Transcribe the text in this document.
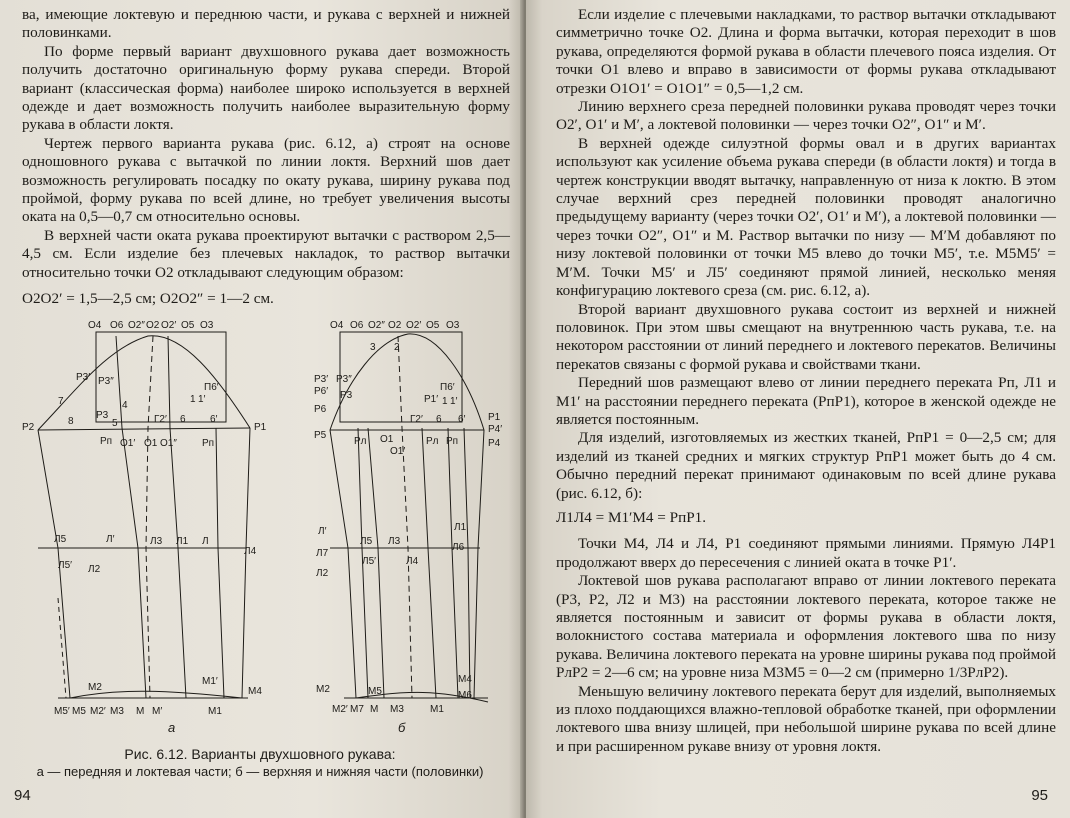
ва, имеющие локтевую и переднюю части, и рукава с верхней и нижней половинками.

По форме первый вариант двухшовного рукава дает возможность получить достаточно оригинальную форму рукава спереди. Второй вариант (классическая форма) наиболее широко используется в верхней одежде и дает возможность получить наиболее выразительную форму рукава в области локтя.

Чертеж первого варианта рукава (рис. 6.12, а) строят на основе одношовного рукава с вытачкой по линии локтя. Верхний шов дает возможность регулировать посадку по окату рукава, ширину рукава под проймой, форму рукава по всей длине, но требует увеличения высоты оката на 0,5—0,7 см относительно основы.

В верхней части оката рукава проектируют вытачки с раствором 2,5—4,5 см. Если изделие без плечевых накладок, то раствор вытачки относительно точки O2 откладывают следующим образом:

O2O2′ = 1,5—2,5 см; O2O2″ = 1—2 см.

O4 O6 O2″ O2 O2′ O5 O3
P3′ P3″
П6′
7	4
1 1′
P2	P1
8
P3
5	Г2′ 6 6′
Pп O1′ O1 O1″	Pп
Л5	Л′	Л3 Л1 Л
Л4
Л5′ Л2
M2
M1′
M4
M5′ M5 M2′ M3 M M′	M1
а
O4 O6 O2″ O2 O2′ O5 O3
3 2
P3′ P3″
P6′	П6′
P3	P1′ 1 1′
P6
Г2′ 6 6′ P1
P4′
P5
Pл O1
O1′
Pл Pп	P4
Л′
Л5 Л3
Л1
Л7
Л5′
Л6
Л4
Л2
M2	M5
M4
M6
M2′ M7 M	M1
M3
б
Рис. 6.12. Варианты двухшовного рукава:
а — передняя и локтевая части; б — верхняя и нижняя части (половинки)
94

Если изделие с плечевыми накладками, то раствор вытачки откладывают симметрично точке O2. Длина и форма вытачки, которая переходит в шов рукава, определяются формой рукава в области плечевого пояса изделия. От точки O1 влево и вправо в зависимости от формы рукава откладывают отрезки O1O1′ = O1O1″ = 0,5—1,2 см.

Линию верхнего среза передней половинки рукава проводят через точки O2′, O1′ и M′, а локтевой половинки — через точки O2″, O1″ и M′.

В верхней одежде силуэтной формы овал и в других вариантах используют как усиление объема рукава спереди (в области локтя) и тогда в чертеж конструкции вводят вытачку, направленную от низа к локтю. В этом случае верхний срез передней половинки проводят аналогично предыдущему варианту (через точки O2′, O1′ и M′), а локтевой половинки — через точки O2″, O1″ и M. Раствор вытачки по низу — M′M добавляют по низу локтевой половинки от точки M5 влево до точки M5′, т.е. M5M5′ = M′M. Точки M5′ и Л5′ соединяют прямой линией, несколько меняя конфигурацию локтевого среза (см. рис. 6.12, а).

Второй вариант двухшовного рукава состоит из верхней и нижней половинок. При этом швы смещают на внутреннюю часть рукава, т.е. на некотором расстоянии от линий переднего и локтевого перекатов. Величины перекатов связаны с формой рукава и свойствами ткани.

Передний шов размещают влево от линии переднего переката Pп, Л1 и M1′ на расстоянии переднего переката (PпP1), которое в женской одежде не является постоянным.

Для изделий, изготовляемых из жестких тканей, PпP1 = 0—2,5 см; для изделий из тканей средних и мягких структур PпP1 может быть до 4 см. Обычно передний перекат принимают одинаковым по всей длине рукава (рис. 6.12, б):

Л1Л4 = M1′M4 = PпP1.

Точки M4, Л4 и Л4, P1 соединяют прямыми линиями. Прямую Л4P1 продолжают вверх до пересечения с линией оката в точке P1′.

Локтевой шов рукава располагают вправо от линии локтевого переката (P3, P2, Л2 и M3) на расстоянии локтевого переката, которое также не является постоянным и зависит от формы рукава в области локтя, волокнистого состава материала и оформления локтевого шва по низу рукава. Величина локтевого переката на уровне ширины рукава под проймой PлP2 = 2—6 см; на уровне низа M3M5 = 0—2 см (примерно 1/3PлP2).

Меньшую величину локтевого переката берут для изделий, выполняемых из плохо поддающихся влажно-тепловой обработке тканей, при оформлении локтевого шва внизу шлицей, при небольшой ширине рукава по всей длине и при расширенном рукаве внизу от уровня локтя.

95
